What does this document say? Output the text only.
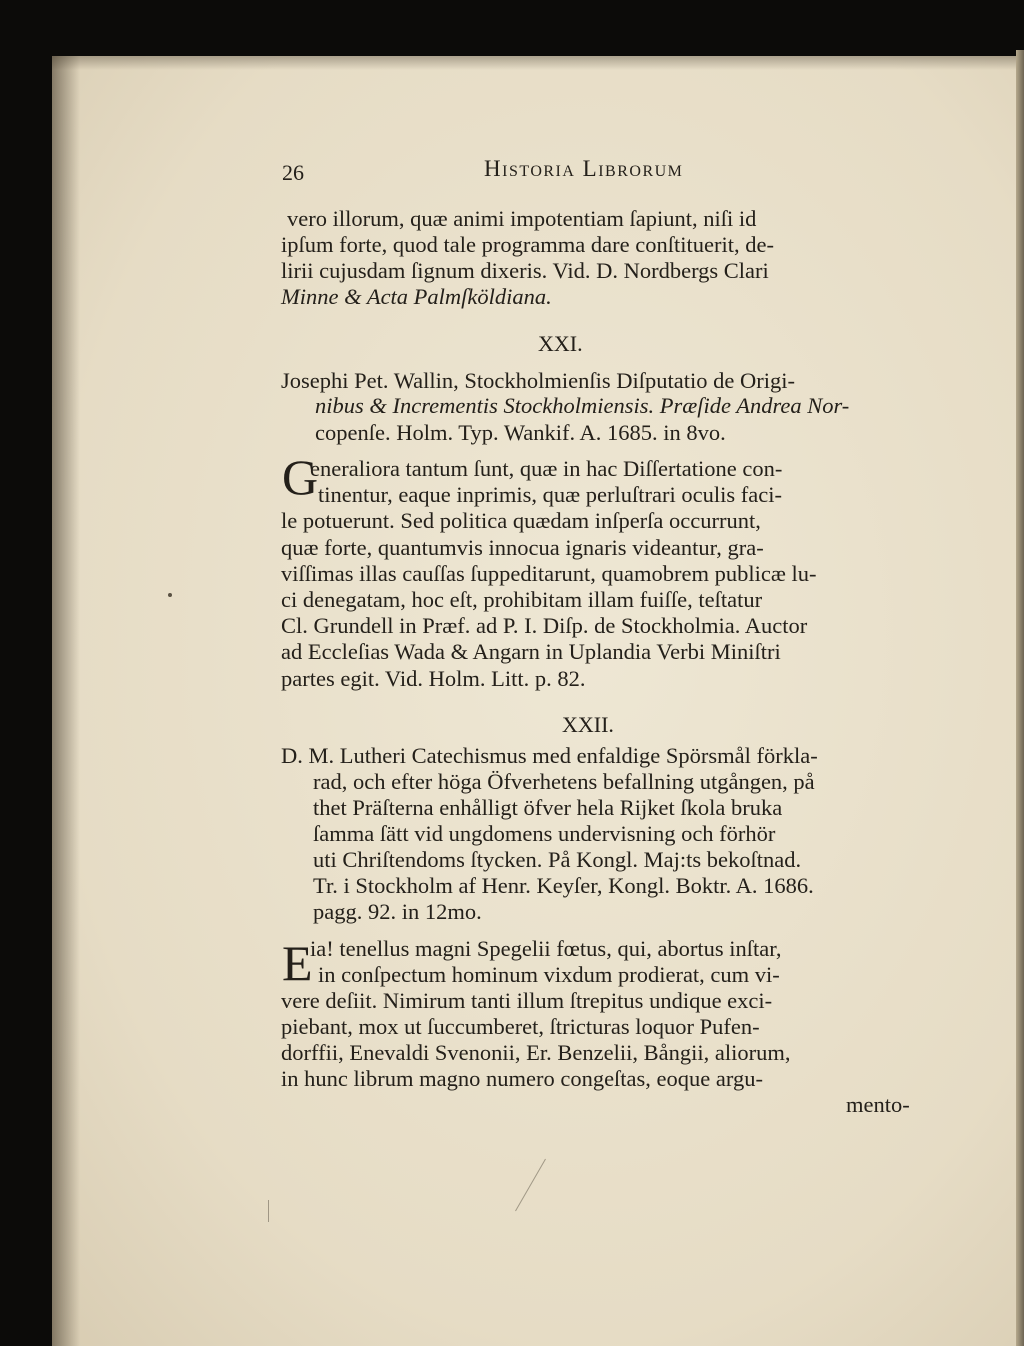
26	Historia Librorum
vero illorum, quæ animi impotentiam ſapiunt, niſi id
ipſum forte, quod tale programma dare conſtituerit, de-
lirii cujusdam ſignum dixeris. Vid. D. Nordbergs Clari
Minne & Acta Palmſköldiana.
XXI.
Josephi Pet. Wallin, Stockholmienſis Diſputatio de Origi-
nibus & Incrementis Stockholmiensis. Præſide Andrea Nor-
copenſe. Holm. Typ. Wankif. A. 1685. in 8vo.
G
eneraliora tantum ſunt, quæ in hac Diſſertatione con-
tinentur, eaque inprimis, quæ perluſtrari oculis faci-
le potuerunt. Sed politica quædam inſperſa occurrunt,
quæ forte, quantumvis innocua ignaris videantur, gra-
viſſimas illas cauſſas ſuppeditarunt, quamobrem publicæ lu-
ci denegatam, hoc eſt, prohibitam illam fuiſſe, teſtatur
Cl. Grundell in Præf. ad P. I. Diſp. de Stockholmia. Auctor
ad Eccleſias Wada & Angarn in Uplandia Verbi Miniſtri
partes egit. Vid. Holm. Litt. p. 82.
XXII.
D. M. Lutheri Catechismus med enfaldige Spörsmål förkla-
rad, och efter höga Öfverhetens befallning utgången, på
thet Präſterna enhålligt öfver hela Rijket ſkola bruka
ſamma ſätt vid ungdomens undervisning och förhör
uti Chriſtendoms ſtycken. På Kongl. Maj:ts bekoſtnad.
Tr. i Stockholm af Henr. Keyſer, Kongl. Boktr. A. 1686.
pagg. 92. in 12mo.
E
ia! tenellus magni Spegelii fœtus, qui, abortus inſtar,
in conſpectum hominum vixdum prodierat, cum vi-
vere deſiit. Nimirum tanti illum ſtrepitus undique exci-
piebant, mox ut ſuccumberet, ſtricturas loquor Pufen-
dorffii, Enevaldi Svenonii, Er. Benzelii, Bångii, aliorum,
in hunc librum magno numero congeſtas, eoque argu-
mento-
